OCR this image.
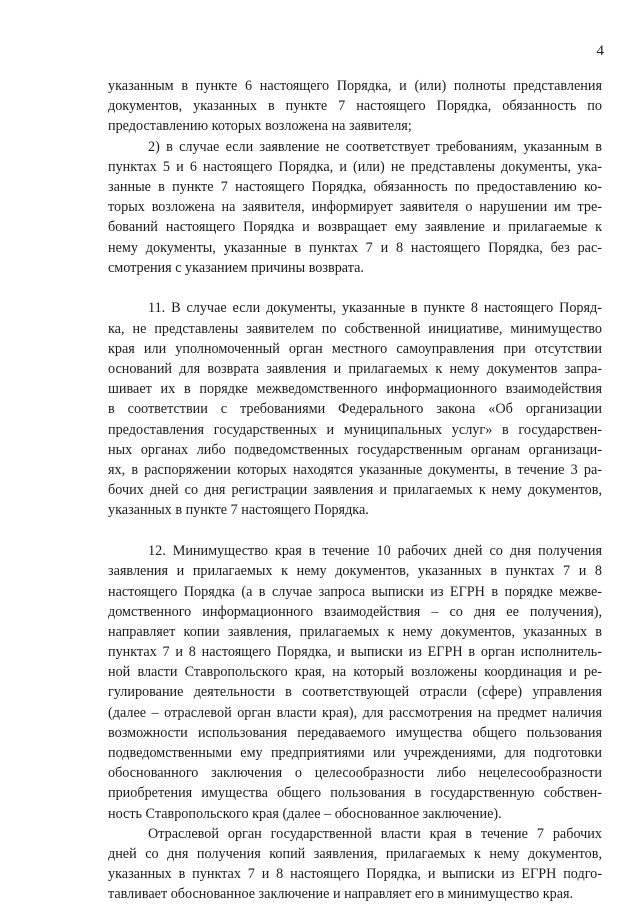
4
указанным в пункте 6 настоящего Порядка, и (или) полноты представления
документов, указанных в пункте 7 настоящего Порядка, обязанность по
предоставлению которых возложена на заявителя;
2) в случае если заявление не соответствует требованиям, указанным в
пунктах 5 и 6 настоящего Порядка, и (или) не представлены документы, ука-
занные в пункте 7 настоящего Порядка, обязанность по предоставлению ко-
торых возложена на заявителя, информирует заявителя о нарушении им тре-
бований настоящего Порядка и возвращает ему заявление и прилагаемые к
нему документы, указанные в пунктах 7 и 8 настоящего Порядка, без рас-
смотрения с указанием причины возврата.
11. В случае если документы, указанные в пункте 8 настоящего Поряд-
ка, не представлены заявителем по собственной инициативе, минимущество
края или уполномоченный орган местного самоуправления при отсутствии
оснований для возврата заявления и прилагаемых к нему документов запра-
шивает их в порядке межведомственного информационного взаимодействия
в соответствии с требованиями Федерального закона «Об организации
предоставления государственных и муниципальных услуг» в государствен-
ных органах либо подведомственных государственным органам организаци-
ях, в распоряжении которых находятся указанные документы, в течение 3 ра-
бочих дней со дня регистрации заявления и прилагаемых к нему документов,
указанных в пункте 7 настоящего Порядка.
12. Минимущество края в течение 10 рабочих дней со дня получения
заявления и прилагаемых к нему документов, указанных в пунктах 7 и 8
настоящего Порядка (а в случае запроса выписки из ЕГРН в порядке межве-
домственного информационного взаимодействия – со дня ее получения),
направляет копии заявления, прилагаемых к нему документов, указанных в
пунктах 7 и 8 настоящего Порядка, и выписки из ЕГРН в орган исполнитель-
ной власти Ставропольского края, на который возложены координация и ре-
гулирование деятельности в соответствующей отрасли (сфере) управления
(далее – отраслевой орган власти края), для рассмотрения на предмет наличия
возможности использования передаваемого имущества общего пользования
подведомственными ему предприятиями или учреждениями, для подготовки
обоснованного заключения о целесообразности либо нецелесообразности
приобретения имущества общего пользования в государственную собствен-
ность Ставропольского края (далее – обоснованное заключение).
Отраслевой орган государственной власти края в течение 7 рабочих
дней со дня получения копий заявления, прилагаемых к нему документов,
указанных в пунктах 7 и 8 настоящего Порядка, и выписки из ЕГРН подго-
тавливает обоснованное заключение и направляет его в минимущество края.
